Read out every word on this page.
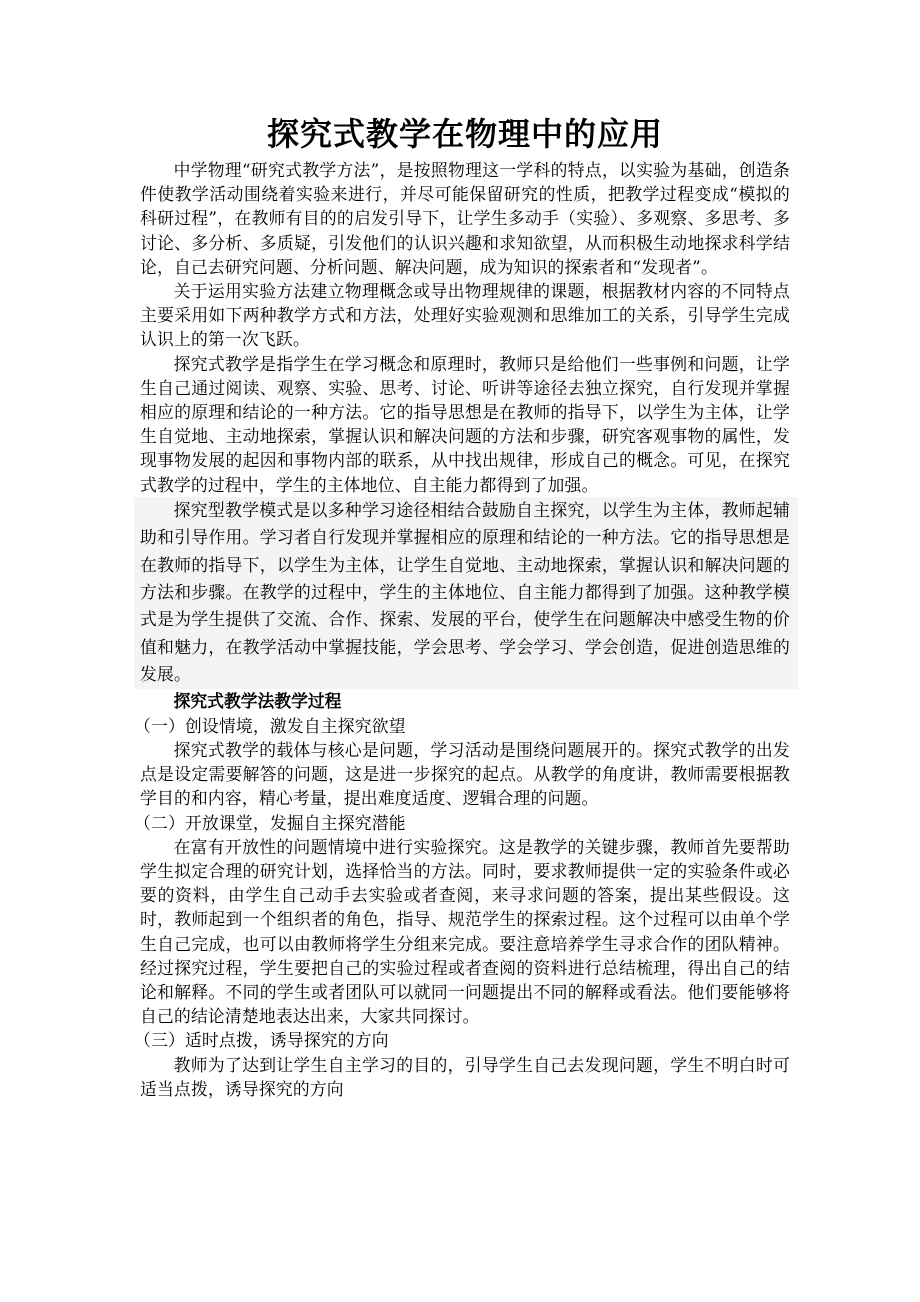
探究式教学在物理中的应用

中学物理“研究式教学方法”，是按照物理这一学科的特点，以实验为基础，创造条件使教学活动围绕着实验来进行，并尽可能保留研究的性质，把教学过程变成“模拟的科研过程”，在教师有目的的启发引导下，让学生多动手（实验）、多观察、多思考、多讨论、多分析、多质疑，引发他们的认识兴趣和求知欲望，从而积极生动地探求科学结论，自己去研究问题、分析问题、解决问题，成为知识的探索者和“发现者”。

关于运用实验方法建立物理概念或导出物理规律的课题，根据教材内容的不同特点主要采用如下两种教学方式和方法，处理好实验观测和思维加工的关系，引导学生完成认识上的第一次飞跃。

探究式教学是指学生在学习概念和原理时，教师只是给他们一些事例和问题，让学生自己通过阅读、观察、实验、思考、讨论、听讲等途径去独立探究，自行发现并掌握相应的原理和结论的一种方法。它的指导思想是在教师的指导下，以学生为主体，让学生自觉地、主动地探索，掌握认识和解决问题的方法和步骤，研究客观事物的属性，发现事物发展的起因和事物内部的联系，从中找出规律，形成自己的概念。可见，在探究式教学的过程中，学生的主体地位、自主能力都得到了加强。

探究型教学模式是以多种学习途径相结合鼓励自主探究，以学生为主体，教师起辅助和引导作用。学习者自行发现并掌握相应的原理和结论的一种方法。它的指导思想是在教师的指导下，以学生为主体，让学生自觉地、主动地探索，掌握认识和解决问题的方法和步骤。在教学的过程中，学生的主体地位、自主能力都得到了加强。这种教学模式是为学生提供了交流、合作、探索、发展的平台，使学生在问题解决中感受生物的价值和魅力，在教学活动中掌握技能，学会思考、学会学习、学会创造，促进创造思维的发展。

探究式教学法教学过程

（一）创设情境，激发自主探究欲望

探究式教学的载体与核心是问题，学习活动是围绕问题展开的。探究式教学的出发点是设定需要解答的问题，这是进一步探究的起点。从教学的角度讲，教师需要根据教学目的和内容，精心考量，提出难度适度、逻辑合理的问题。

（二）开放课堂，发掘自主探究潜能

在富有开放性的问题情境中进行实验探究。这是教学的关键步骤，教师首先要帮助学生拟定合理的研究计划，选择恰当的方法。同时，要求教师提供一定的实验条件或必要的资料，由学生自己动手去实验或者查阅，来寻求问题的答案，提出某些假设。这时，教师起到一个组织者的角色，指导、规范学生的探索过程。这个过程可以由单个学生自己完成，也可以由教师将学生分组来完成。要注意培养学生寻求合作的团队精神。经过探究过程，学生要把自己的实验过程或者查阅的资料进行总结梳理，得出自己的结论和解释。不同的学生或者团队可以就同一问题提出不同的解释或看法。他们要能够将自己的结论清楚地表达出来，大家共同探讨。

（三）适时点拨，诱导探究的方向

教师为了达到让学生自主学习的目的，引导学生自己去发现问题，学生不明白时可适当点拨，诱导探究的方向
